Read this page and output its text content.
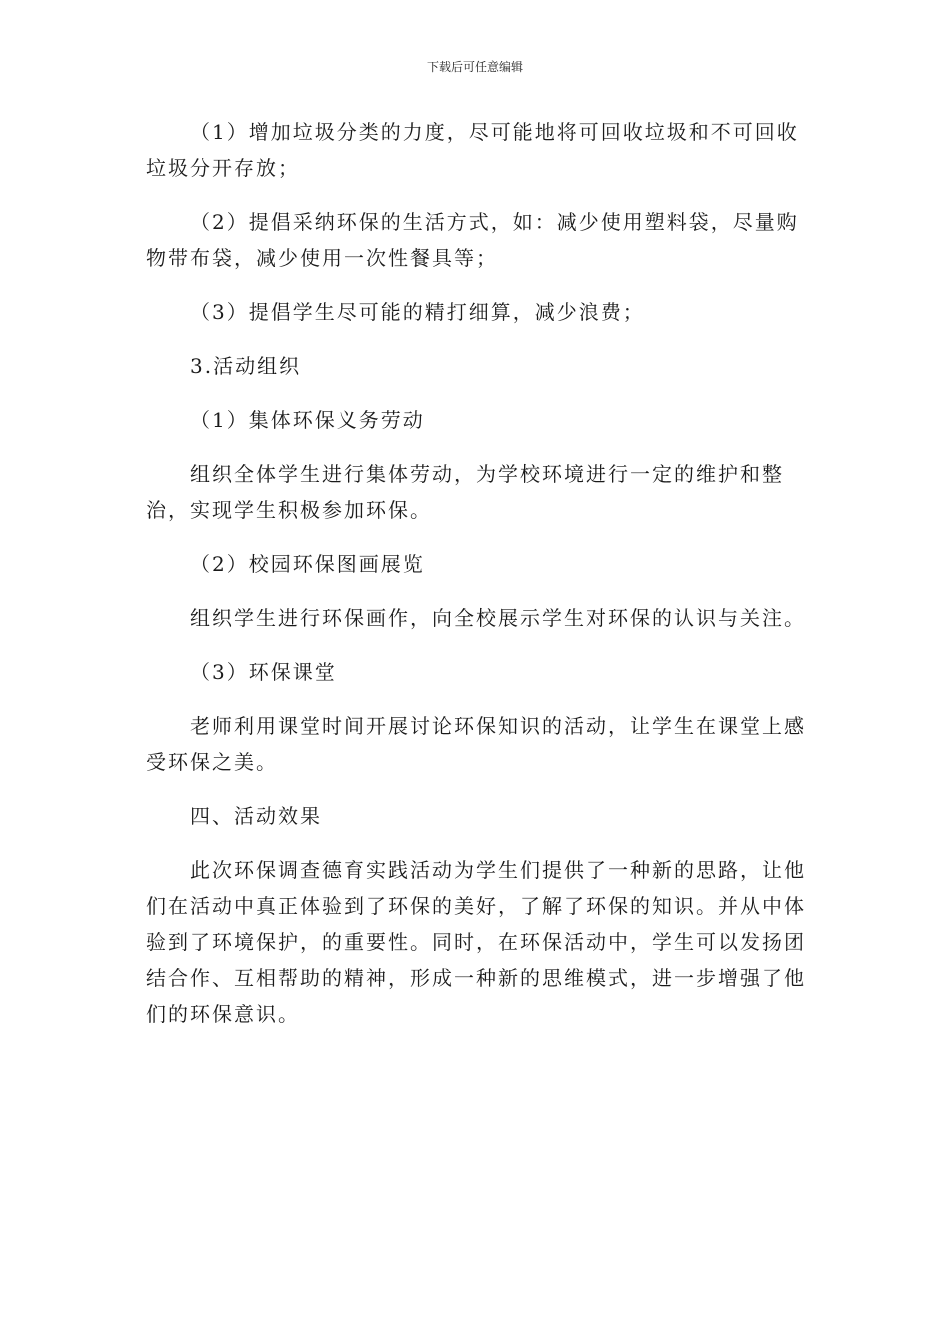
下载后可任意编辑

（1）增加垃圾分类的力度，尽可能地将可回收垃圾和不可回收垃圾分开存放；

（2）提倡采纳环保的生活方式，如：减少使用塑料袋，尽量购物带布袋，减少使用一次性餐具等；

（3）提倡学生尽可能的精打细算，减少浪费；

3.活动组织

（1）集体环保义务劳动

组织全体学生进行集体劳动，为学校环境进行一定的维护和整治，实现学生积极参加环保。

（2）校园环保图画展览

组织学生进行环保画作，向全校展示学生对环保的认识与关注。

（3）环保课堂

老师利用课堂时间开展讨论环保知识的活动，让学生在课堂上感受环保之美。

四、活动效果

此次环保调查德育实践活动为学生们提供了一种新的思路，让他们在活动中真正体验到了环保的美好，了解了环保的知识。并从中体验到了环境保护，的重要性。同时，在环保活动中，学生可以发扬团结合作、互相帮助的精神，形成一种新的思维模式，进一步增强了他们的环保意识。
